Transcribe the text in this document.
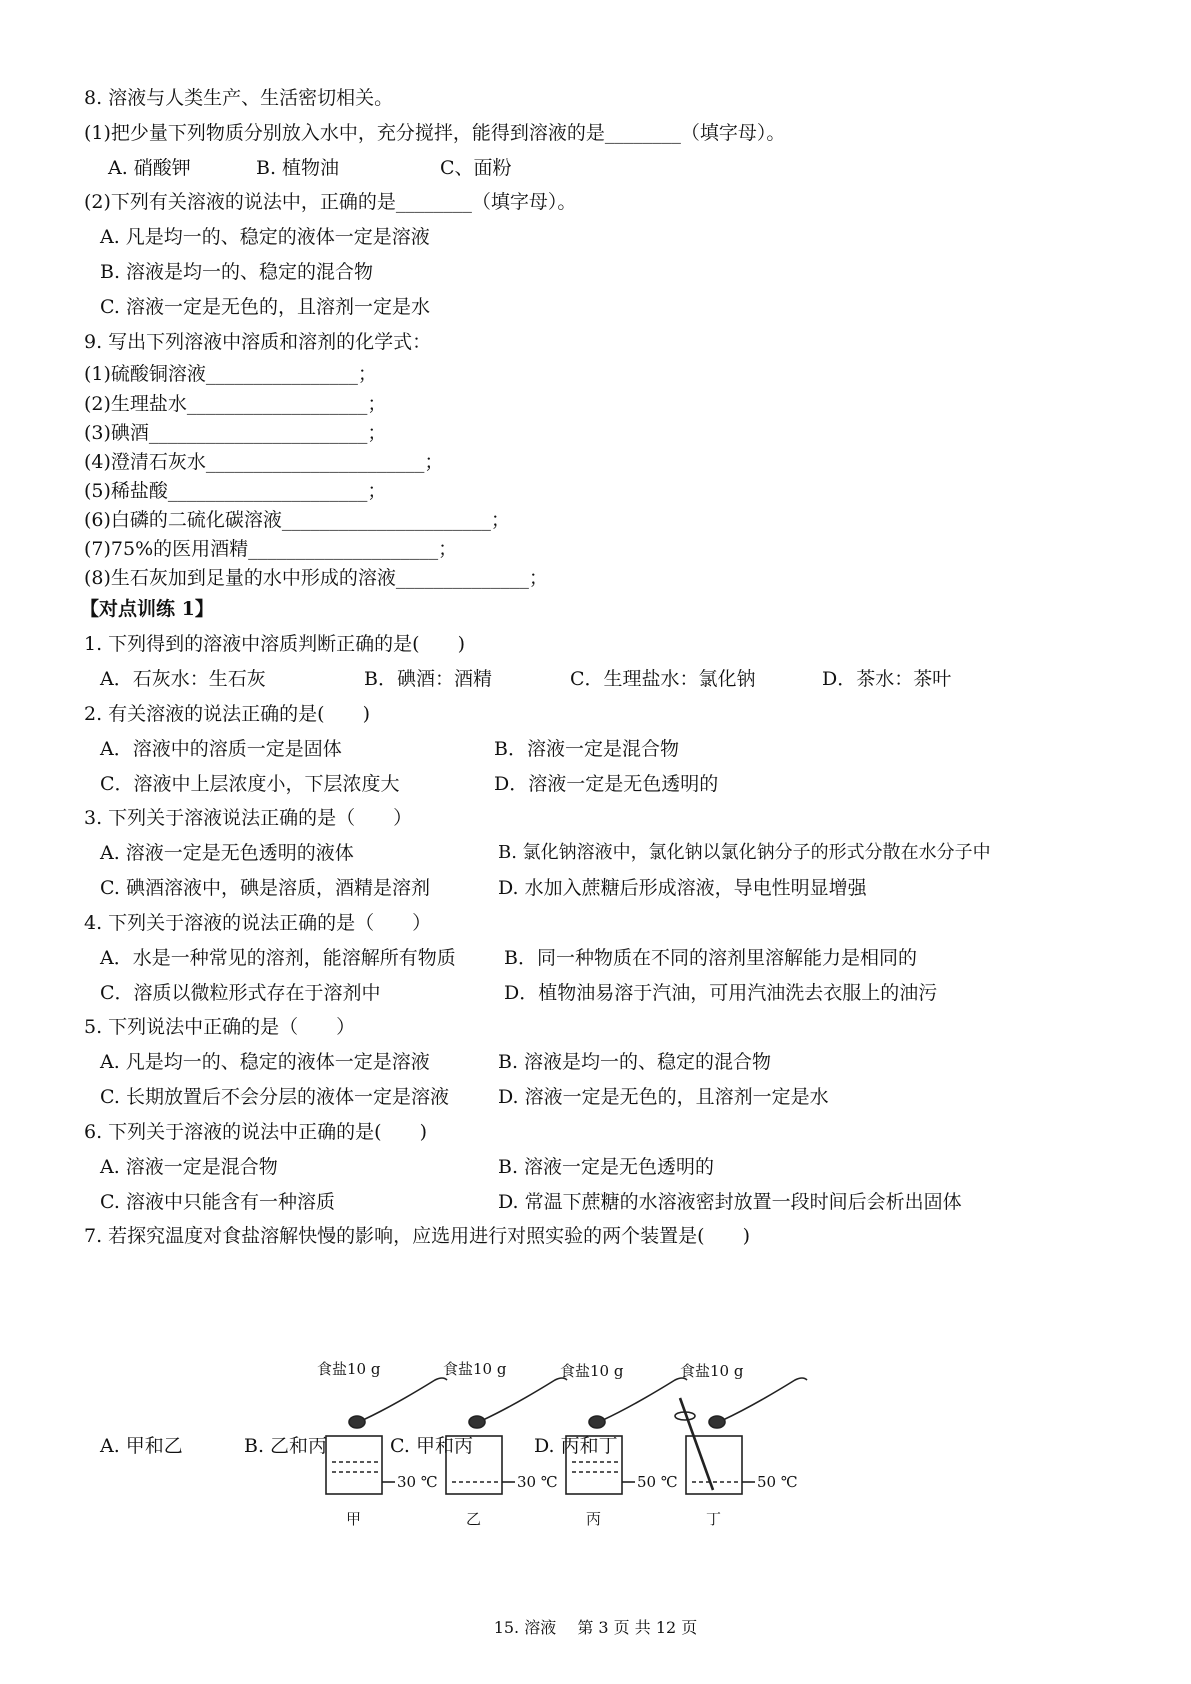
8. 溶液与人类生产、生活密切相关。
(1)把少量下列物质分别放入水中，充分搅拌，能得到溶液的是________（填字母）。
A. 硝酸钾	B. 植物油	C、面粉
(2)下列有关溶液的说法中，正确的是________（填字母）。
A. 凡是均一的、稳定的液体一定是溶液
B. 溶液是均一的、稳定的混合物
C. 溶液一定是无色的，且溶剂一定是水
9. 写出下列溶液中溶质和溶剂的化学式：
(1)硫酸铜溶液________________；
(2)生理盐水___________________；
(3)碘酒_______________________；
(4)澄清石灰水_______________________；
(5)稀盐酸_____________________；
(6)白磷的二硫化碳溶液______________________；
(7)75%的医用酒精____________________；
(8)生石灰加到足量的水中形成的溶液______________；
【对点训练 1】
1. 下列得到的溶液中溶质判断正确的是(　　)
A．石灰水：生石灰	B．碘酒：酒精	C．生理盐水：氯化钠	D．茶水：茶叶
2. 有关溶液的说法正确的是(　　)
A．溶液中的溶质一定是固体	B．溶液一定是混合物
C．溶液中上层浓度小，下层浓度大	D．溶液一定是无色透明的
3. 下列关于溶液说法正确的是（　　）
A. 溶液一定是无色透明的液体	B. 氯化钠溶液中，氯化钠以氯化钠分子的形式分散在水分子中
C. 碘酒溶液中，碘是溶质，酒精是溶剂	D. 水加入蔗糖后形成溶液，导电性明显增强
4. 下列关于溶液的说法正确的是（　　）
A．水是一种常见的溶剂，能溶解所有物质	B．同一种物质在不同的溶剂里溶解能力是相同的
C．溶质以微粒形式存在于溶剂中	D．植物油易溶于汽油，可用汽油洗去衣服上的油污
5. 下列说法中正确的是（　　）
A. 凡是均一的、稳定的液体一定是溶液	B. 溶液是均一的、稳定的混合物
C. 长期放置后不会分层的液体一定是溶液	D. 溶液一定是无色的，且溶剂一定是水
6. 下列关于溶液的说法中正确的是(　　)
A. 溶液一定是混合物	B. 溶液一定是无色透明的
C. 溶液中只能含有一种溶质	D. 常温下蔗糖的水溶液密封放置一段时间后会析出固体
7. 若探究温度对食盐溶解快慢的影响，应选用进行对照实验的两个装置是(　　)
食盐10 g	食盐10 g	食盐10 g	食盐10 g
30 ℃	30 ℃	50 ℃	50 ℃
甲	乙	丙	丁
A. 甲和乙	B. 乙和丙	C. 甲和丙	D. 丙和丁
15. 溶液 第 3 页 共 12 页
